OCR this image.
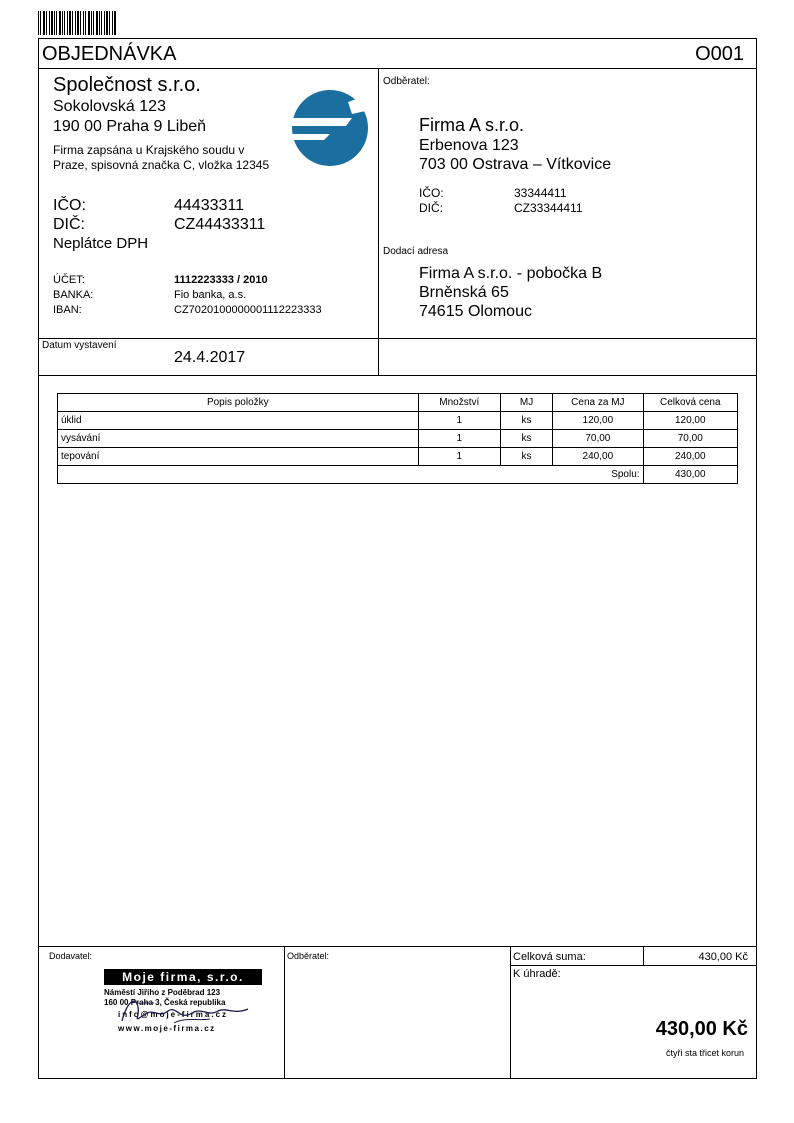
OBJEDNÁVKA	O001
Společnost s.r.o.
Sokolovská 123
190 00 Praha 9 Libeň
Firma zapsána u Krajského soudu v Praze, spisovná značka C, vložka 12345
IČO:	44433311
DIČ:	CZ44433311
Neplátce DPH
ÚČET:	1112223333 / 2010
BANKA:	Fio banka, a.s.
IBAN:	CZ7020100000001112223333
Odběratel:
Firma A s.r.o.
Erbenova 123
703 00 Ostrava – Vítkovice
IČO:	33344411
DIČ:	CZ33344411
Dodací adresa
Firma A s.r.o. - pobočka B
Brněnská 65
74615 Olomouc
Datum vystavení
24.4.2017
Popis položky	Množství	MJ	Cena za MJ	Celková cena
úklid	1	ks	120,00	120,00
vysávání	1	ks	70,00	70,00
tepování	1	ks	240,00	240,00
Spolu:				430,00
Dodavatel:	Odběratel:	Celková suma:	430,00 Kč
K úhradě:
430,00 Kč
čtyři sta třicet korun
Moje firma, s.r.o.
Náměstí Jiřího z Poděbrad 123
160 00 Praha 3, Česká republika
info@moje-firma.cz
www.moje-firma.cz
